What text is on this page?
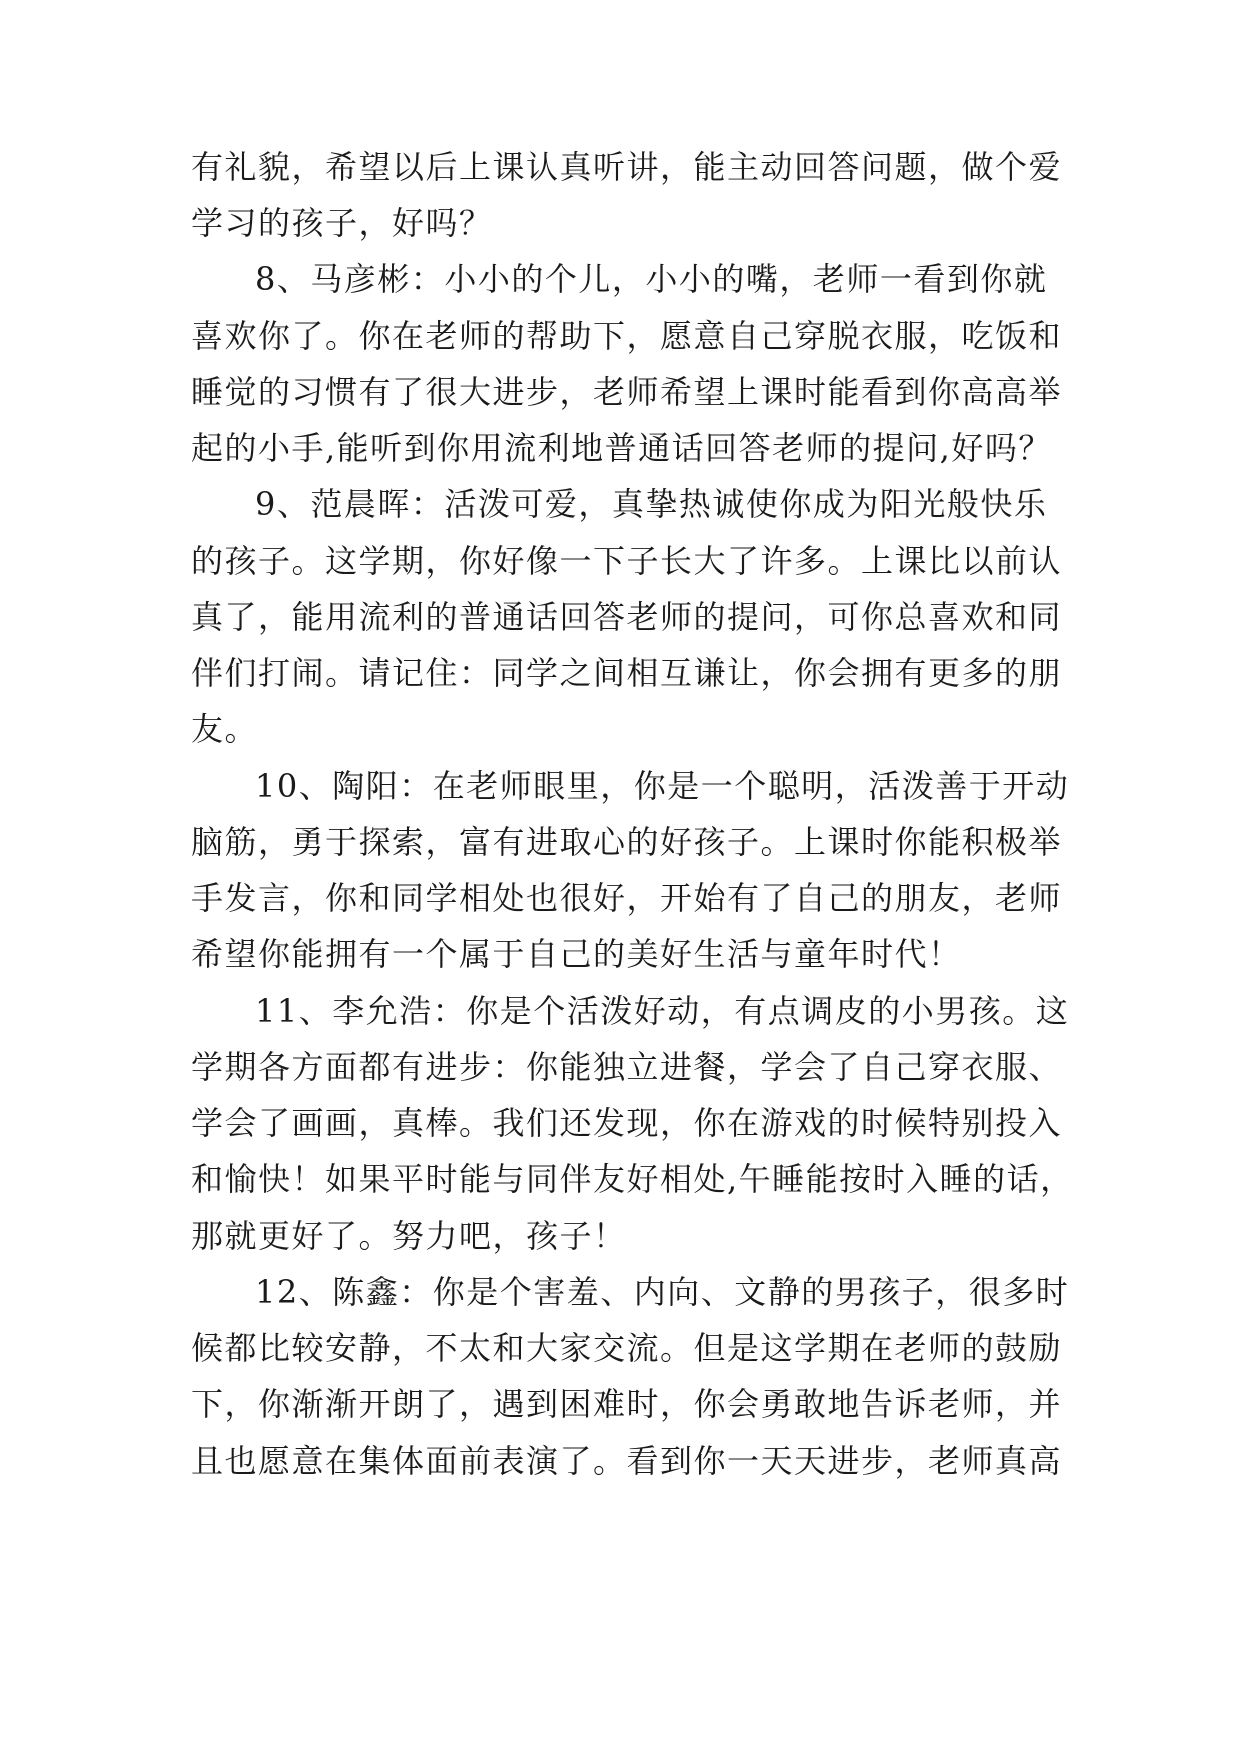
有礼貌，希望以后上课认真听讲，能主动回答问题，做个爱
学习的孩子，好吗？
8、马彦彬：小小的个儿，小小的嘴，老师一看到你就
喜欢你了。你在老师的帮助下，愿意自己穿脱衣服，吃饭和
睡觉的习惯有了很大进步，老师希望上课时能看到你高高举
起的小手,能听到你用流利地普通话回答老师的提问,好吗？
9、范晨晖：活泼可爱，真挚热诚使你成为阳光般快乐
的孩子。这学期，你好像一下子长大了许多。上课比以前认
真了，能用流利的普通话回答老师的提问，可你总喜欢和同
伴们打闹。请记住：同学之间相互谦让，你会拥有更多的朋
友。
10、陶阳：在老师眼里，你是一个聪明，活泼善于开动
脑筋，勇于探索，富有进取心的好孩子。上课时你能积极举
手发言，你和同学相处也很好，开始有了自己的朋友，老师
希望你能拥有一个属于自己的美好生活与童年时代！
11、李允浩：你是个活泼好动，有点调皮的小男孩。这
学期各方面都有进步：你能独立进餐，学会了自己穿衣服、
学会了画画，真棒。我们还发现，你在游戏的时候特别投入
和愉快！如果平时能与同伴友好相处,午睡能按时入睡的话，
那就更好了。努力吧，孩子！
12、陈鑫：你是个害羞、内向、文静的男孩子，很多时
候都比较安静，不太和大家交流。但是这学期在老师的鼓励
下，你渐渐开朗了，遇到困难时，你会勇敢地告诉老师，并
且也愿意在集体面前表演了。看到你一天天进步，老师真高
